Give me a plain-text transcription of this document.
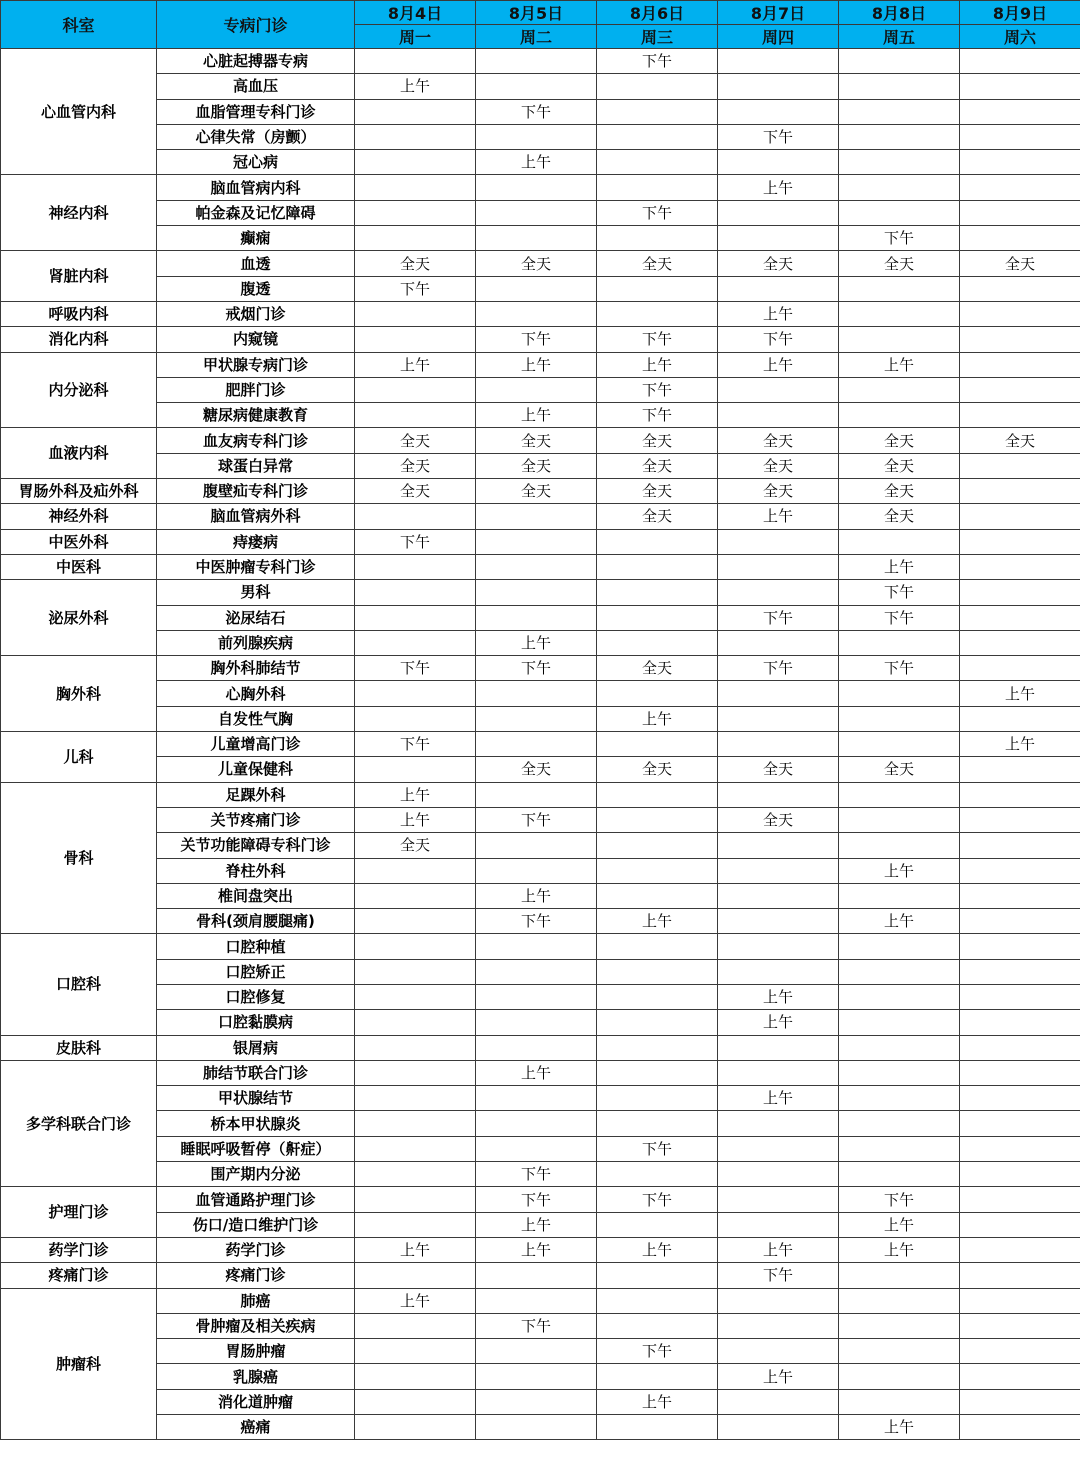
科室	专病门诊	8月4日	8月5日	8月6日	8月7日	8月8日	8月9日
		周一	周二	周三	周四	周五	周六
心血管内科	心脏起搏器专病			下午			
	高血压	上午					
	血脂管理专科门诊		下午				
	心律失常（房颤）				下午		
	冠心病		上午				
神经内科	脑血管病内科				上午		
	帕金森及记忆障碍			下午			
	癫痫					下午	
肾脏内科	血透	全天	全天	全天	全天	全天	全天
	腹透	下午					
呼吸内科	戒烟门诊				上午		
消化内科	内窥镜		下午	下午	下午		
内分泌科	甲状腺专病门诊	上午	上午	上午	上午	上午	
	肥胖门诊			下午			
	糖尿病健康教育		上午	下午			
血液内科	血友病专科门诊	全天	全天	全天	全天	全天	全天
	球蛋白异常	全天	全天	全天	全天	全天	
胃肠外科及疝外科	腹壁疝专科门诊	全天	全天	全天	全天	全天	
神经外科	脑血管病外科			全天	上午	全天	
中医外科	痔瘘病	下午					
中医科	中医肿瘤专科门诊					上午	
泌尿外科	男科					下午	
	泌尿结石				下午	下午	
	前列腺疾病		上午				
胸外科	胸外科肺结节	下午	下午	全天	下午	下午	
	心胸外科						上午
	自发性气胸			上午			
儿科	儿童增高门诊	下午					上午
	儿童保健科		全天	全天	全天	全天	
骨科	足踝外科	上午					
	关节疼痛门诊	上午	下午		全天		
	关节功能障碍专科门诊	全天					
	脊柱外科					上午	
	椎间盘突出		上午				
	骨科(颈肩腰腿痛)		下午	上午		上午	
口腔科	口腔种植						
	口腔矫正						
	口腔修复				上午		
	口腔黏膜病				上午		
皮肤科	银屑病						
多学科联合门诊	肺结节联合门诊		上午				
	甲状腺结节				上午		
	桥本甲状腺炎						
	睡眠呼吸暂停（鼾症）			下午			
	围产期内分泌		下午				
护理门诊	血管通路护理门诊		下午	下午		下午	
	伤口/造口维护门诊		上午			上午	
药学门诊	药学门诊	上午	上午	上午	上午	上午	
疼痛门诊	疼痛门诊				下午		
肿瘤科	肺癌	上午					
	骨肿瘤及相关疾病		下午				
	胃肠肿瘤			下午			
	乳腺癌				上午		
	消化道肿瘤			上午			
	癌痛					上午	
